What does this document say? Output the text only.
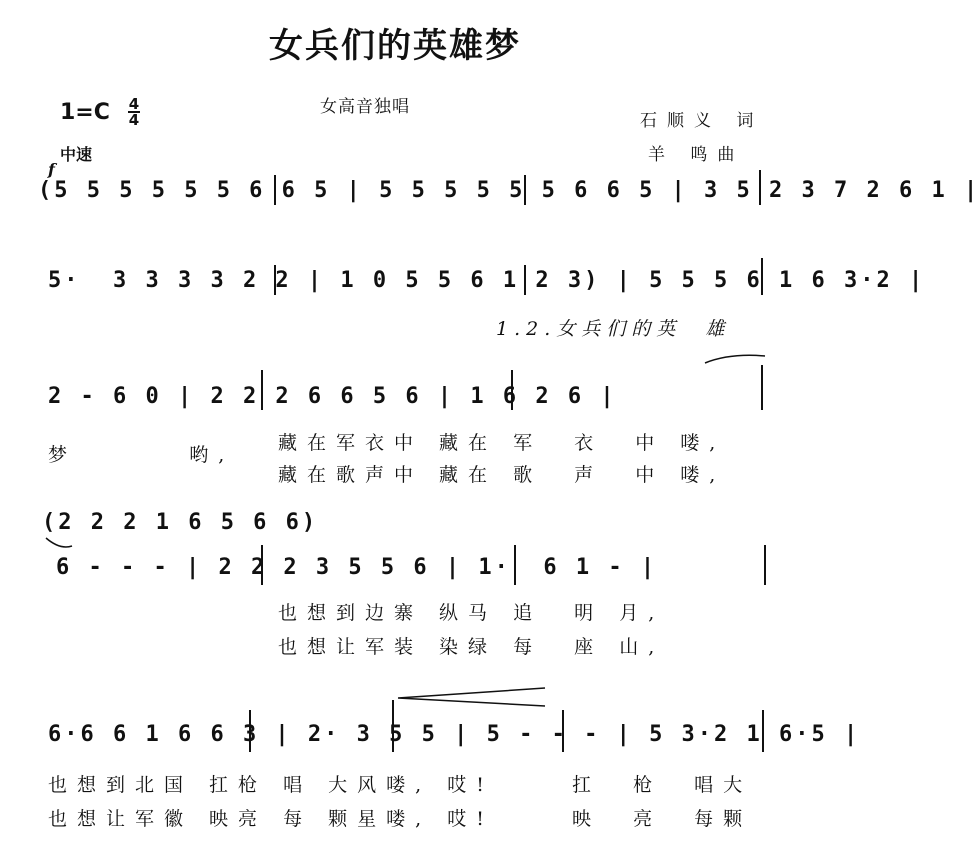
女兵们的英雄梦
女高音独唱
1=C 4
4	石顺义 词
羊 鸣曲
中速
f
(5 5 5 5 5 5 6 6 5 | 5 5 5 5 5 5 6 6 5 | 3 5 2 3 7 2 6 1 |
5·  3 3 3 3 2 2 | 1 0 5 5 6 1 2 3) | 5 5 5 6 1 6 3·2 |
1.2.女兵们的英  雄
2 - 6 0 | 2 2 2 6 6 5 6 | 1 6 2 6 |
梦       哟,
藏在军衣中 藏在 军  衣  中 喽,
藏在歌声中 藏在 歌  声  中 喽,
(2 2 2 1 6 5 6 6)
6 - - - | 2 2 2 3 5 5 6 | 1·  6 1 - |
也想到边寨 纵马 追  明 月,
也想让军装 染绿 每  座 山,
6·6 6 1 6 6 3 | 2· 3 5 5 | 5 - - - | 5 3·2 1 6·5 |
也想到北国 扛枪 唱 大风喽, 哎!
也想让军徽 映亮 每 颗星喽, 哎!
扛  枪  唱大
映  亮  每颗
